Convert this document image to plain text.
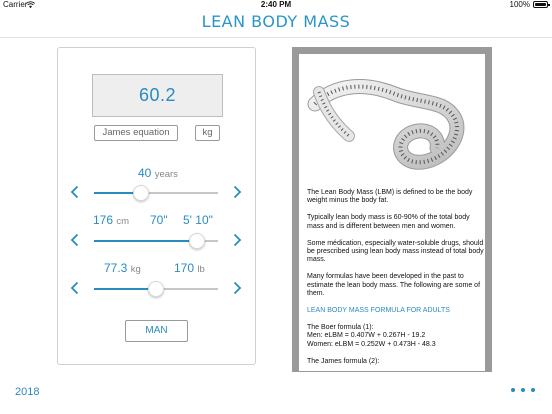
Carrier	2:40 PM	100%
LEAN BODY MASS
60.2
James equation	kg
40 years
176 cm 70" 5' 10"
77.3 kg	170 lb
MAN

The Lean Body Mass (LBM) is defined to be the body weight minus the body fat.

Typically lean body mass is 60-90% of the total body mass and is different between men and women.

Some médication, especially water-soluble drugs, should be prescribed using lean body mass instead of total body mass.

Many formulas have been developed in the past to estimate the lean body mass. The following are some of them.

LEAN BODY MASS FORMULA FOR ADULTS

The Boer formula (1):
Men: eLBM = 0.407W + 0.267H - 19.2
Women: eLBM = 0.252W + 0.473H - 48.3
The James formula (2):
2018
